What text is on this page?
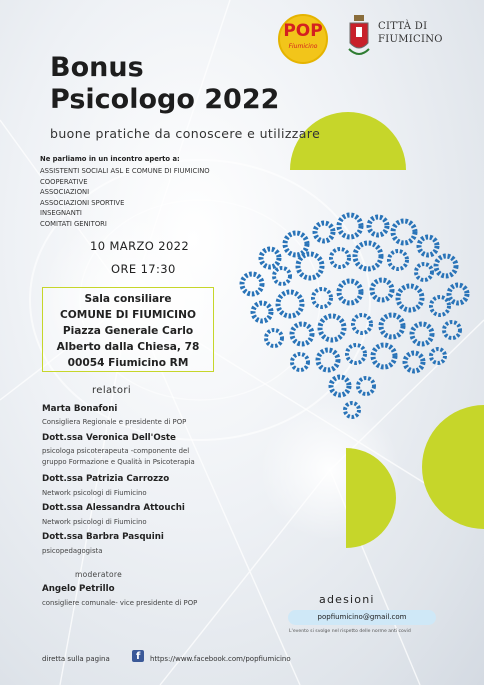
POP
Fiumicino
CITTÀ DI
FIUMICINO
Bonus
Psicologo 2022
buone pratiche da conoscere e utilizzare
Ne parliamo in un incontro aperto a:
ASSISTENTI SOCIALI ASL E COMUNE DI FIUMICINO
COOPERATIVE
ASSOCIAZIONI
ASSOCIAZIONI SPORTIVE
INSEGNANTI
COMITATI GENITORI
10 MARZO 2022
ORE 17:30
Sala consiliare
COMUNE DI FIUMICINO
Piazza Generale Carlo
Alberto dalla Chiesa, 78
00054 Fiumicino RM
relatori
Marta Bonafoni
Consigliera Regionale e presidente di POP
Dott.ssa Veronica Dell'Oste
psicologa psicoterapeuta -componente del
gruppo Formazione e Qualità in Psicoterapia
Dott.ssa Patrizia Carrozzo
Network psicologi di Fiumicino
Dott.ssa Alessandra Attouchi
Network psicologi di Fiumicino
Dott.ssa Barbra Pasquini
psicopedagogista
moderatore
Angelo Petrillo
consigliere comunale- vice presidente di POP	adesioni
popfiumicino@gmail.com
L'evento si svolge nel rispetto delle norme anti covid
diretta sulla pagina	f https://www.facebook.com/popfiumicino
